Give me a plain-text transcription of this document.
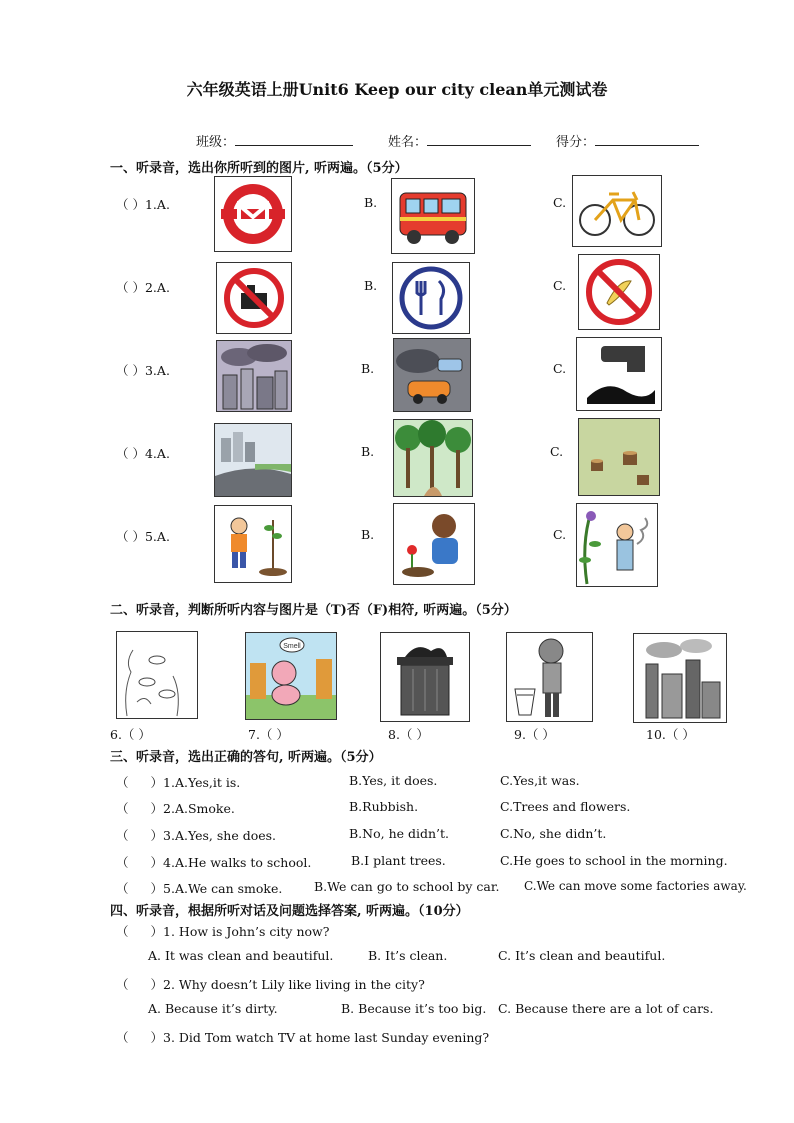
六年级英语上册Unit6 Keep our city clean单元测试卷
班级：	姓名：	得分：
一、听录音，选出你所听到的图片, 听两遍。（5分）
（ ）1.A.	B.	C.
（ ）2.A.	B.	C.
（ ）3.A.	B.	C.
（ ）4.A.	B.	C.
（ ）5.A.	B.	C.
二、听录音，判断所听内容与图片是（T)否（F)相符, 听两遍。（5分）
Smell
6.（ ）	7.（ ）	8.（ ）	9.（ ）	10.（ ）
三、听录音，选出正确的答句, 听两遍。（5分）
（ ）1.A.Yes,it is.	B.Yes, it does.	C.Yes,it was.
（ ）2.A.Smoke.	B.Rubbish.	C.Trees and flowers.
（ ）3.A.Yes, she does.	B.No, he didn’t.	C.No, she didn’t.
（ ）4.A.He walks to school.	B.I plant trees.	C.He goes to school in the morning.
（ ）5.A.We can smoke.	B.We can go to school by car. C.We can move some factories away.
四、听录音，根据所听对话及问题选择答案, 听两遍。（10分）
（ ）1. How is John’s city now?
A. It was clean and beautiful.	B. It’s clean.	C. It’s clean and beautiful.
（ ）2. Why doesn’t Lily like living in the city?
A. Because it’s dirty.	B. Because it’s too big. C. Because there are a lot of cars.
（ ）3. Did Tom watch TV at home last Sunday evening?
